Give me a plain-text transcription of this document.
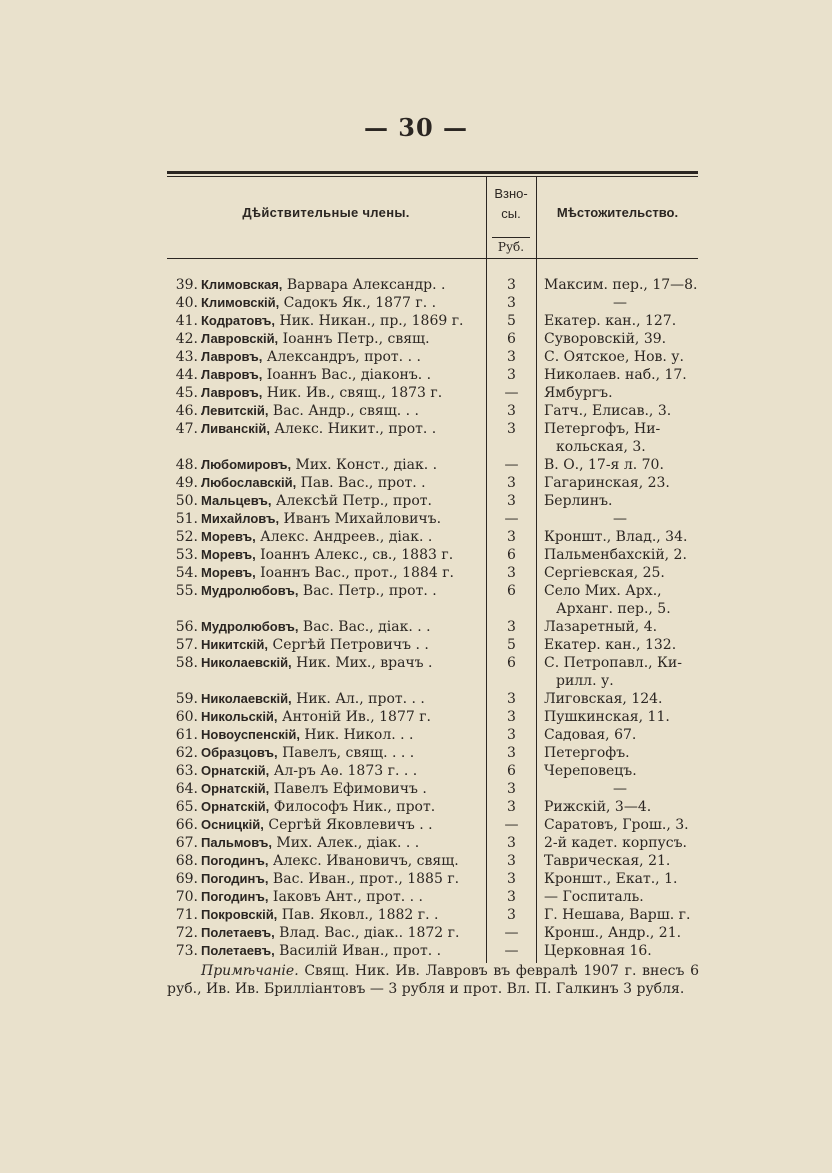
— 30 —
Дѣйствительные члены.
Взно-сы.
Руб.
Мѣстожительство.
39. Климовская, Варвара Александр. .	3	Максим. пер., 17—8.
40. Климовскій, Садокъ Як., 1877 г. .	3	—
41. Кодратовъ, Ник. Никан., пр., 1869 г.	5	Екатер. кан., 127.
42. Лавровскій, Іоаннъ Петр., свящ.	6	Суворовскій, 39.
43. Лавровъ, Александръ, прот. . .	3	С. Оятское, Нов. у.
44. Лавровъ, Іоаннъ Вас., діаконъ. .	3	Николаев. наб., 17.
45. Лавровъ, Ник. Ив., свящ., 1873 г.	—	Ямбургъ.
46. Левитскій, Вас. Андр., свящ. . .	3	Гатч., Елисав., 3.
47. Ливанскій, Алекс. Никит., прот. .	3	Петергофъ, Ни-
кольская, 3.
48. Любомировъ, Мих. Конст., діак. .	—	В. О., 17-я л. 70.
49. Любославскій, Пав. Вас., прот. .	3	Гагаринская, 23.
50. Мальцевъ, Алексѣй Петр., прот.	3	Берлинъ.
51. Михайловъ, Иванъ Михайловичъ.	—	—
52. Моревъ, Алекс. Андреев., діак. .	3	Кроншт., Влад., 34.
53. Моревъ, Іоаннъ Алекс., св., 1883 г.	6	Пальменбахскій, 2.
54. Моревъ, Іоаннъ Вас., прот., 1884 г.	3	Сергіевская, 25.
55. Мудролюбовъ, Вас. Петр., прот. .	6	Село Мих. Арх.,
Арханг. пер., 5.
56. Мудролюбовъ, Вас. Вас., діак. . .	3	Лазаретный, 4.
57. Никитскій, Сергѣй Петровичъ . .	5	Екатер. кан., 132.
58. Николаевскій, Ник. Мих., врачъ .	6	С. Петропавл., Ки-
рилл. у.
59. Николаевскій, Ник. Ал., прот. . .	3	Лиговская, 124.
60. Никольскій, Антоній Ив., 1877 г.	3	Пушкинская, 11.
61. Новоуспенскій, Ник. Никол. . .	3	Садовая, 67.
62. Образцовъ, Павелъ, свящ. . . .	3	Петергофъ.
63. Орнатскій, Ал-ръ Аѳ. 1873 г. . .	6	Череповецъ.
64. Орнатскій, Павелъ Ефимовичъ .	3	—
65. Орнатскій, Философъ Ник., прот.	3	Рижскій, 3—4.
66. Осницкій, Сергѣй Яковлевичъ . .	—	Саратовъ, Грош., 3.
67. Пальмовъ, Мих. Алек., діак. . .	3	2-й кадет. корпусъ.
68. Погодинъ, Алекс. Ивановичъ, свящ.	3	Таврическая, 21.
69. Погодинъ, Вас. Иван., прот., 1885 г.	3	Кроншт., Екат., 1.
70. Погодинъ, Іаковъ Ант., прот. . .	3	— Госпиталь.
71. Покровскій, Пав. Яковл., 1882 г. .	3	Г. Нешава, Варш. г.
72. Полетаевъ, Влад. Вас., діак.. 1872 г.	—	Кронш., Андр., 21.
73. Полетаевъ, Василій Иван., прот. .	—	Церковная 16.
Примѣчаніе. Свящ. Ник. Ив. Лавровъ въ февралѣ 1907 г. внесъ 6 руб., Ив. Ив. Брилліантовъ — 3 рубля и прот. Вл. П. Галкинъ 3 рубля.
